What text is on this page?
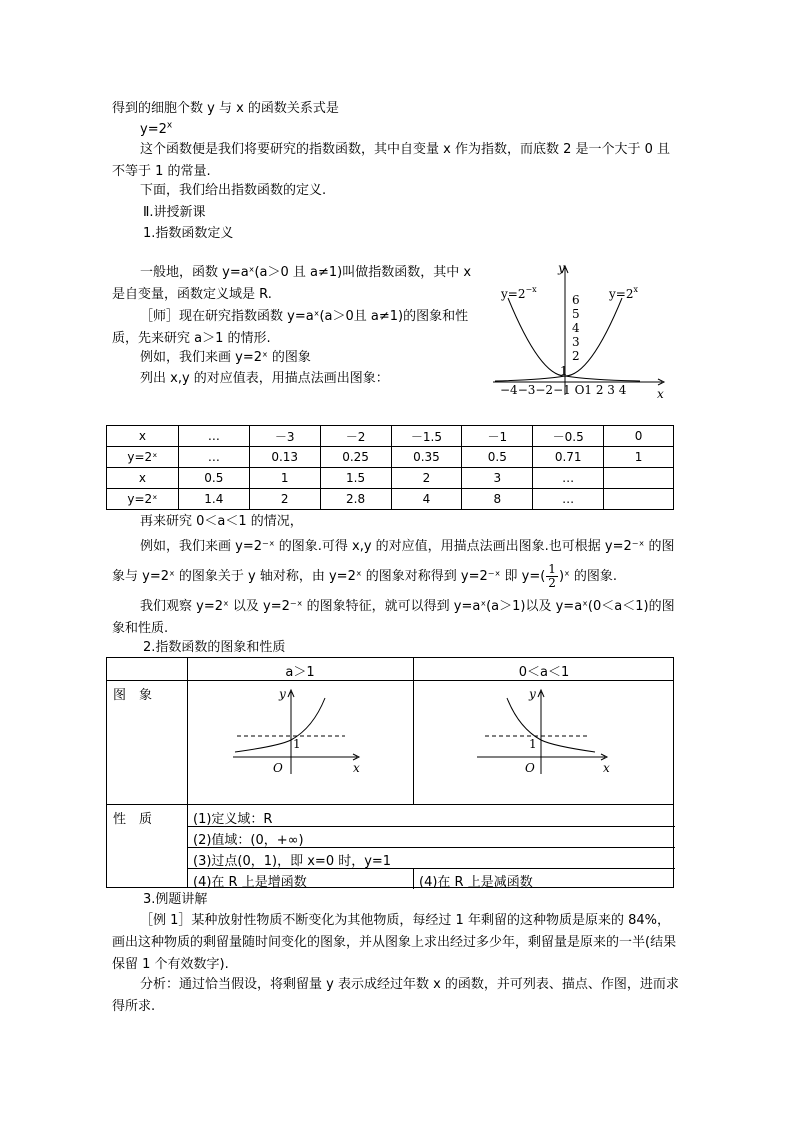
得到的细胞个数 y 与 x 的函数关系式是
$y=2^x$
这个函数便是我们将要研究的指数函数，其中自变量 x 作为指数，而底数 2 是一个大于 0 且不等于 1 的常量.
下面，我们给出指数函数的定义.
Ⅱ.讲授新课
1.指数函数定义
一般地，函数 y=aˣ(a＞0 且 a≠1)叫做指数函数，其中 x 是自变量，函数定义域是 R.
［师］现在研究指数函数 y=aˣ(a＞0且 a≠1)的图象和性质，先来研究 a＞1 的情形.
例如，我们来画 y=2ˣ 的图象
列出 x,y 的对应值表，用描点法画出图象：
y
x
$y=2^{-x}$	$y=2^x$
6
5
4
3
2
1
−4−3−2−1 O1 2 3 4
x	…	－3	－2	－1.5	－1	－0.5	0
y=2ˣ	…	0.13	0.25	0.35	0.5	0.71	1
x	0.5	1	1.5	2	3	…	
y=2ˣ	1.4	2	2.8	4	8	…	
再来研究 0＜a＜1 的情况，
例如，我们来画 y=2⁻ˣ 的图象.可得 x,y 的对应值，用描点法画出图象.也可根据 y=2⁻ˣ 的图象与 y=2ˣ 的图象关于 y 轴对称，由 y=2ˣ 的图象对称得到 y=2⁻ˣ 即 $y=( \frac{1}{2}$ )ˣ 的图象.
我们观察 y=2ˣ 以及 y=2⁻ˣ 的图象特征，就可以得到 y=aˣ(a＞1)以及 y=aˣ(0＜a＜1)的图象和性质.
2.指数函数的图象和性质
a＞1	0＜a＜1
图　象
性　质	(1)定义域：R
(2)值域：(0，+∞)
(3)过点(0，1)，即 x=0 时，y=1
(4)在 R 上是增函数	(4)在 R 上是减函数
y
x
O
1
y
x
O
1
3.例题讲解
［例 1］某种放射性物质不断变化为其他物质，每经过 1 年剩留的这种物质是原来的 84%，画出这种物质的剩留量随时间变化的图象，并从图象上求出经过多少年，剩留量是原来的一半(结果保留 1 个有效数字).
分析：通过恰当假设，将剩留量 y 表示成经过年数 x 的函数，并可列表、描点、作图，进而求得所求.
